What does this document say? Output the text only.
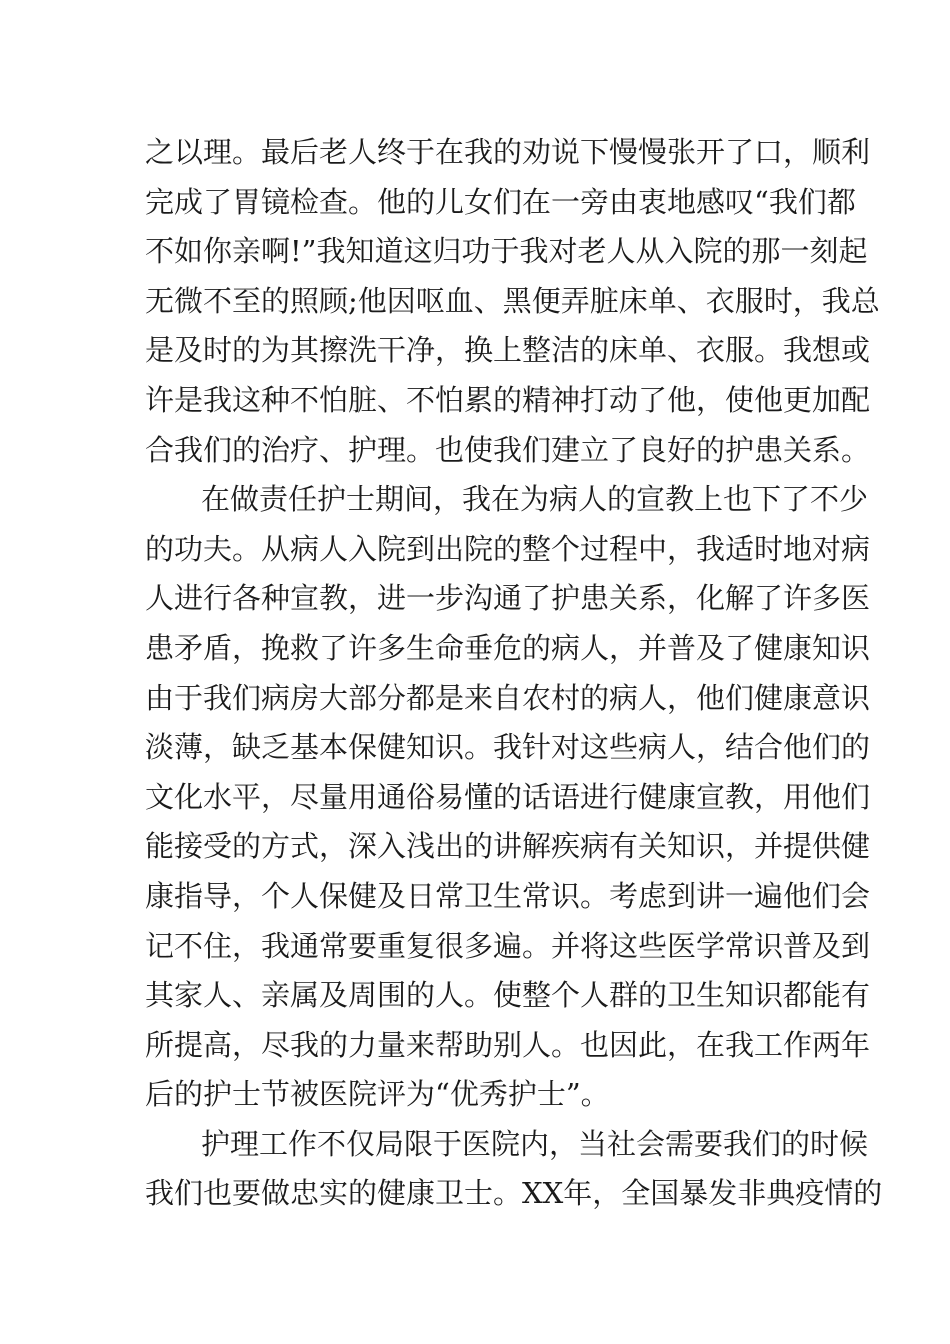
之以理。最后老人终于在我的劝说下慢慢张开了口，顺利
完成了胃镜检查。他的儿女们在一旁由衷地感叹“我们都
不如你亲啊!”我知道这归功于我对老人从入院的那一刻起
无微不至的照顾;他因呕血、黑便弄脏床单、衣服时，我总
是及时的为其擦洗干净，换上整洁的床单、衣服。我想或
许是我这种不怕脏、不怕累的精神打动了他，使他更加配
合我们的治疗、护理。也使我们建立了良好的护患关系。
在做责任护士期间，我在为病人的宣教上也下了不少
的功夫。从病人入院到出院的整个过程中，我适时地对病
人进行各种宣教，进一步沟通了护患关系，化解了许多医
患矛盾，挽救了许多生命垂危的病人，并普及了健康知识
由于我们病房大部分都是来自农村的病人，他们健康意识
淡薄，缺乏基本保健知识。我针对这些病人，结合他们的
文化水平，尽量用通俗易懂的话语进行健康宣教，用他们
能接受的方式，深入浅出的讲解疾病有关知识，并提供健
康指导，个人保健及日常卫生常识。考虑到讲一遍他们会
记不住，我通常要重复很多遍。并将这些医学常识普及到
其家人、亲属及周围的人。使整个人群的卫生知识都能有
所提高，尽我的力量来帮助别人。也因此，在我工作两年
后的护士节被医院评为“优秀护士”。
护理工作不仅局限于医院内，当社会需要我们的时候
我们也要做忠实的健康卫士。XX年，全国暴发非典疫情的
